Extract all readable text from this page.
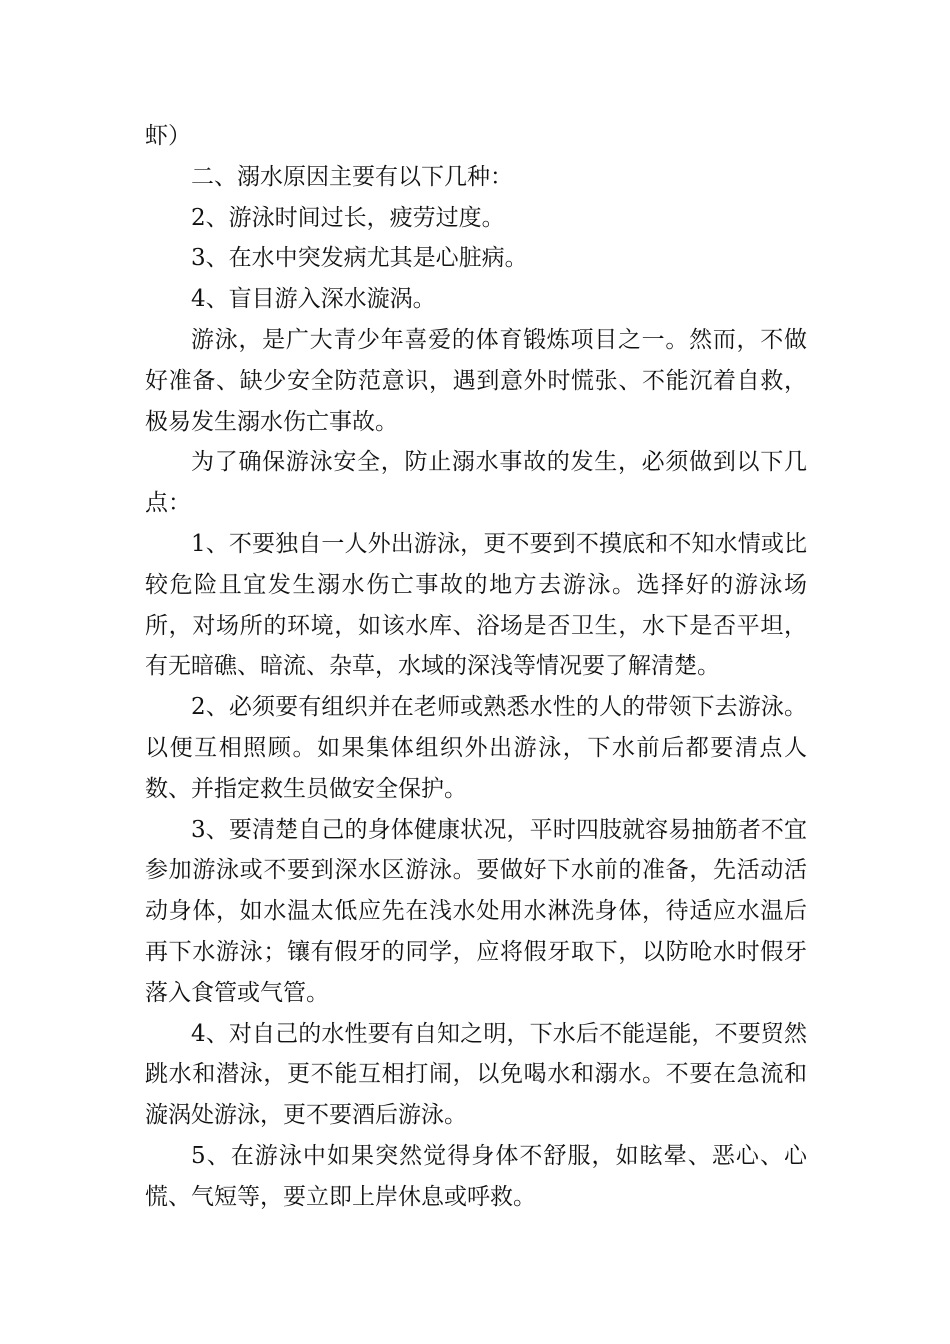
虾）

二、溺水原因主要有以下几种：

2、游泳时间过长，疲劳过度。

3、在水中突发病尤其是心脏病。

4、盲目游入深水漩涡。

游泳，是广大青少年喜爱的体育锻炼项目之一。然而，不做好准备、缺少安全防范意识，遇到意外时慌张、不能沉着自救，极易发生溺水伤亡事故。

为了确保游泳安全，防止溺水事故的发生，必须做到以下几点：

1、不要独自一人外出游泳，更不要到不摸底和不知水情或比较危险且宜发生溺水伤亡事故的地方去游泳。选择好的游泳场所，对场所的环境，如该水库、浴场是否卫生，水下是否平坦，有无暗礁、暗流、杂草，水域的深浅等情况要了解清楚。

2、必须要有组织并在老师或熟悉水性的人的带领下去游泳。以便互相照顾。如果集体组织外出游泳，下水前后都要清点人数、并指定救生员做安全保护。

3、要清楚自己的身体健康状况，平时四肢就容易抽筋者不宜参加游泳或不要到深水区游泳。要做好下水前的准备，先活动活动身体，如水温太低应先在浅水处用水淋洗身体，待适应水温后再下水游泳；镶有假牙的同学，应将假牙取下，以防呛水时假牙落入食管或气管。

4、对自己的水性要有自知之明，下水后不能逞能，不要贸然跳水和潜泳，更不能互相打闹，以免喝水和溺水。不要在急流和漩涡处游泳，更不要酒后游泳。

5、在游泳中如果突然觉得身体不舒服，如眩晕、恶心、心慌、气短等，要立即上岸休息或呼救。
